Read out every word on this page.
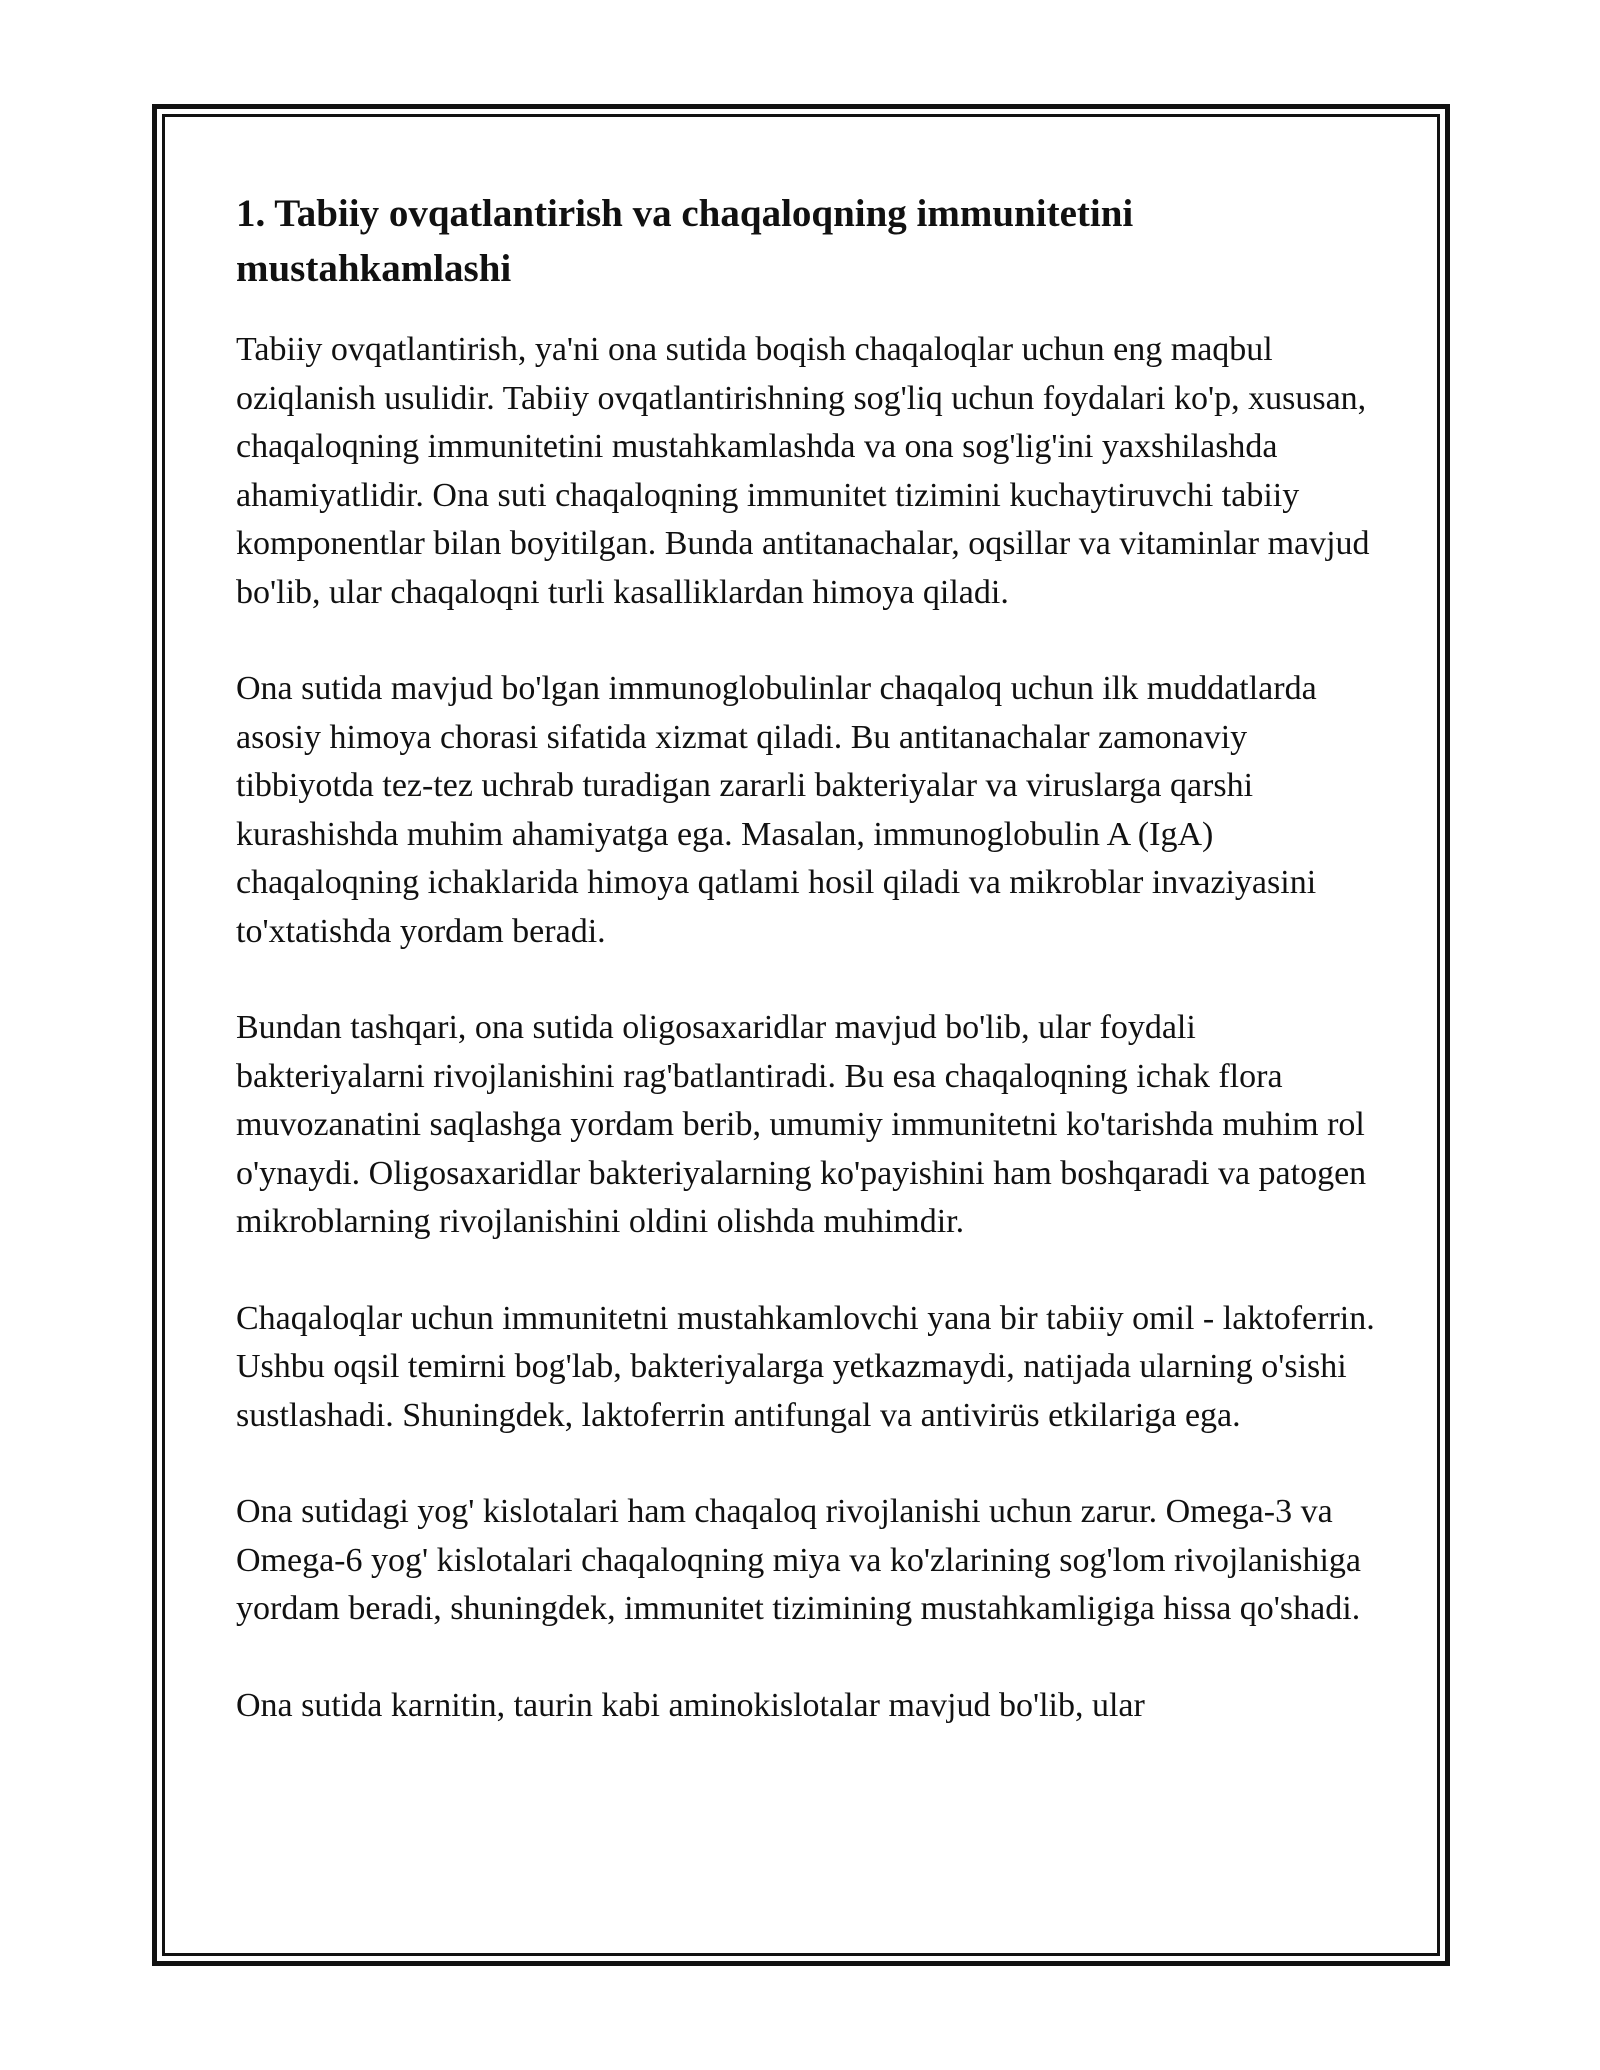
1. Tabiiy ovqatlantirish va chaqaloqning immunitetini mustahkamlashi

Tabiiy ovqatlantirish, ya'ni ona sutida boqish chaqaloqlar uchun eng maqbul oziqlanish usulidir. Tabiiy ovqatlantirishning sog'liq uchun foydalari ko'p, xususan, chaqaloqning immunitetini mustahkamlashda va ona sog'lig'ini yaxshilashda ahamiyatlidir. Ona suti chaqaloqning immunitet tizimini kuchaytiruvchi tabiiy komponentlar bilan boyitilgan. Bunda antitanachalar, oqsillar va vitaminlar mavjud bo'lib, ular chaqaloqni turli kasalliklardan himoya qiladi.

Ona sutida mavjud bo'lgan immunoglobulinlar chaqaloq uchun ilk muddatlarda asosiy himoya chorasi sifatida xizmat qiladi. Bu antitanachalar zamonaviy tibbiyotda tez-tez uchrab turadigan zararli bakteriyalar va viruslarga qarshi kurashishda muhim ahamiyatga ega. Masalan, immunoglobulin A (IgA) chaqaloqning ichaklarida himoya qatlami hosil qiladi va mikroblar invaziyasini to'xtatishda yordam beradi.

Bundan tashqari, ona sutida oligosaxaridlar mavjud bo'lib, ular foydali bakteriyalarni rivojlanishini rag'batlantiradi. Bu esa chaqaloqning ichak flora muvozanatini saqlashga yordam berib, umumiy immunitetni ko'tarishda muhim rol o'ynaydi. Oligosaxaridlar bakteriyalarning ko'payishini ham boshqaradi va patogen mikroblarning rivojlanishini oldini olishda muhimdir.

Chaqaloqlar uchun immunitetni mustahkamlovchi yana bir tabiiy omil - laktoferrin. Ushbu oqsil temirni bog'lab, bakteriyalarga yetkazmaydi, natijada ularning o'sishi sustlashadi. Shuningdek, laktoferrin antifungal va antivirüs etkilariga ega.

Ona sutidagi yog' kislotalari ham chaqaloq rivojlanishi uchun zarur. Omega-3 va Omega-6 yog' kislotalari chaqaloqning miya va ko'zlarining sog'lom rivojlanishiga yordam beradi, shuningdek, immunitet tizimining mustahkamligiga hissa qo'shadi.

Ona sutida karnitin, taurin kabi aminokislotalar mavjud bo'lib, ular
